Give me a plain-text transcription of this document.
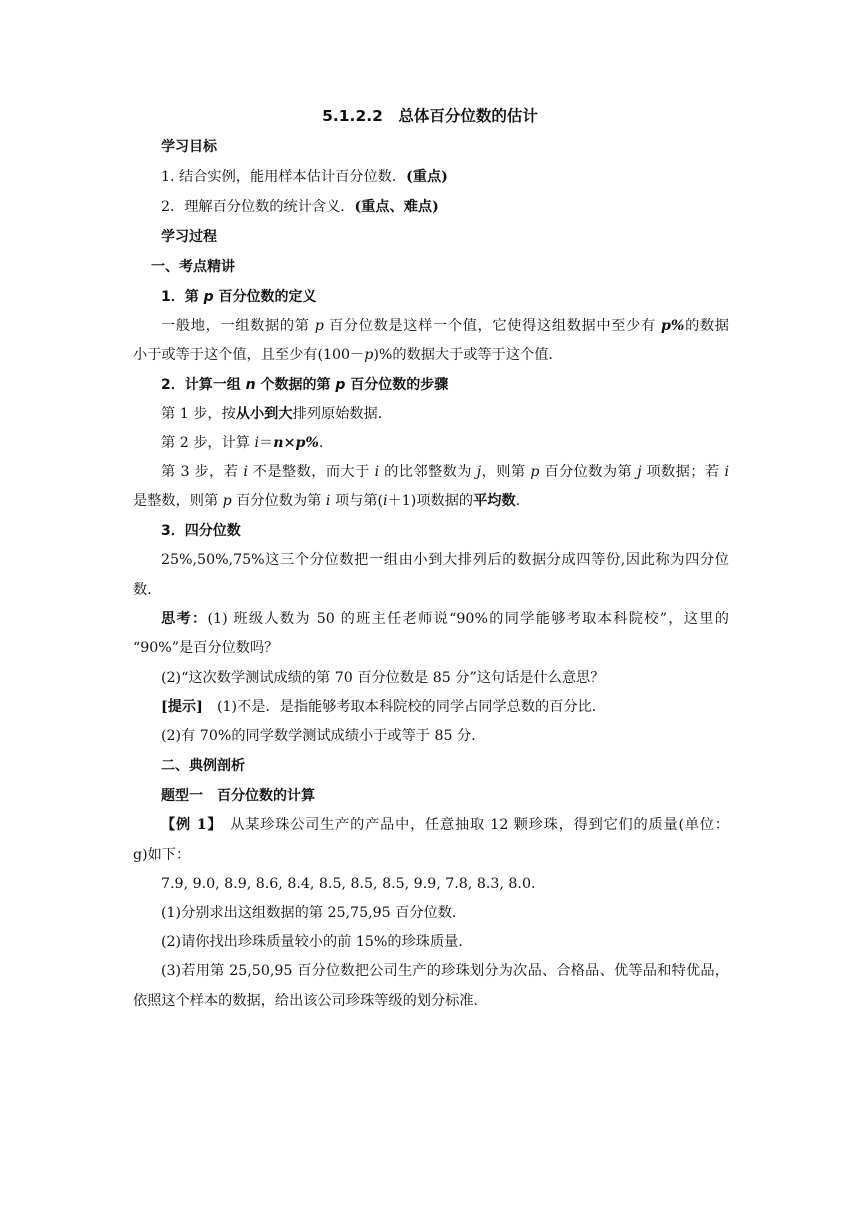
5.1.2.2　总体百分位数的估计
学习目标
1. 结合实例，能用样本估计百分位数．(重点)
2．理解百分位数的统计含义．(重点、难点)
学习过程
一、考点精讲
1．第 p 百分位数的定义
一般地，一组数据的第 p 百分位数是这样一个值，它使得这组数据中至少有 p%的数据
小于或等于这个值，且至少有(100－p)%的数据大于或等于这个值．
2．计算一组 n 个数据的第 p 百分位数的步骤
第 1 步，按从小到大排列原始数据．
第 2 步，计算 i＝n×p%.
第 3 步，若 i 不是整数，而大于 i 的比邻整数为 j，则第 p 百分位数为第 j 项数据；若 i
是整数，则第 p 百分位数为第 i 项与第(i＋1)项数据的平均数.
3．四分位数
25%,50%,75%这三个分位数把一组由小到大排列后的数据分成四等份,因此称为四分位
数．
思考：(1) 班级人数为 50 的班主任老师说“90%的同学能够考取本科院校”，这里的
“90%”是百分位数吗？
(2)“这次数学测试成绩的第 70 百分位数是 85 分”这句话是什么意思？
[提示]　(1)不是．是指能够考取本科院校的同学占同学总数的百分比．
(2)有 70%的同学数学测试成绩小于或等于 85 分．
二、典例剖析
题型一　百分位数的计算
【例 1】　从某珍珠公司生产的产品中，任意抽取 12 颗珍珠，得到它们的质量(单位：
g)如下：
7.9, 9.0, 8.9, 8.6, 8.4, 8.5, 8.5, 8.5, 9.9, 7.8, 8.3, 8.0.
(1)分别求出这组数据的第 25,75,95 百分位数．
(2)请你找出珍珠质量较小的前 15%的珍珠质量．
(3)若用第 25,50,95 百分位数把公司生产的珍珠划分为次品、合格品、优等品和特优品，
依照这个样本的数据，给出该公司珍珠等级的划分标准．
